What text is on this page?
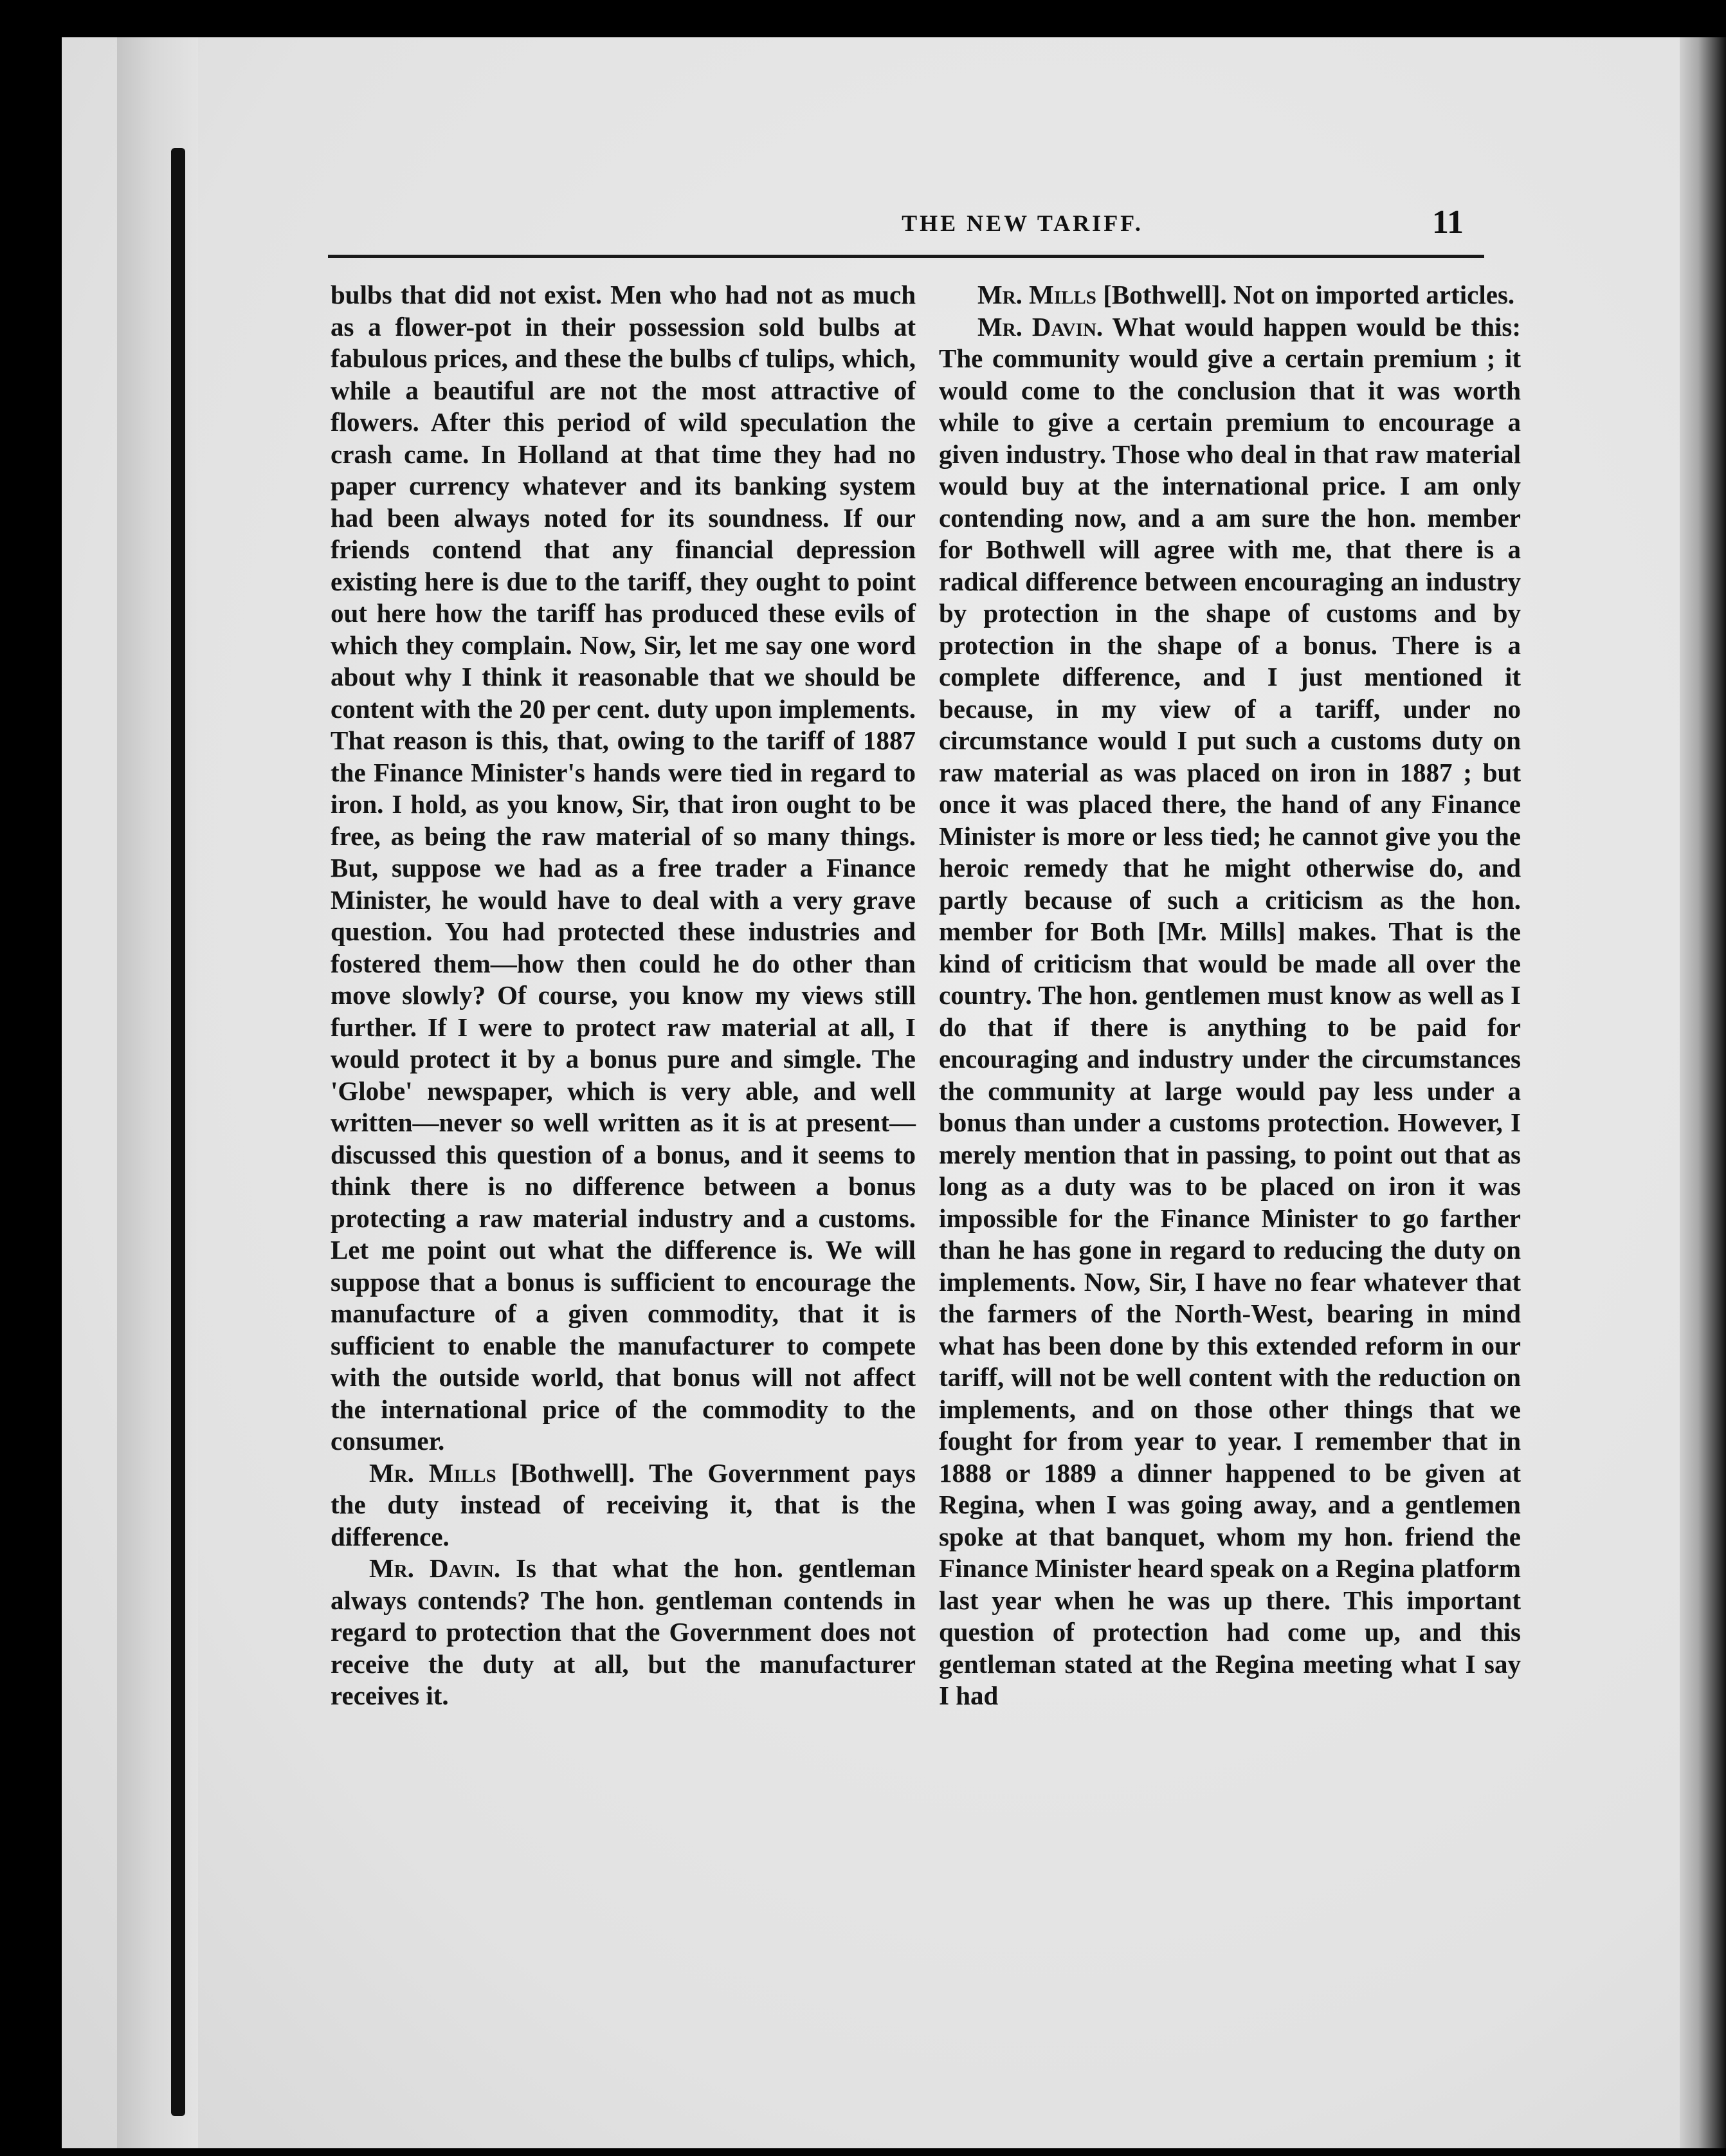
THE NEW TARIFF.	11

bulbs that did not exist. Men who had not as much as a flower-pot in their possession sold bulbs at fabulous prices, and these the bulbs cf tulips, which, while a beautiful are not the most attractive of flowers. After this period of wild speculation the crash came. In Holland at that time they had no paper currency whatever and its banking system had been always noted for its soundness. If our friends contend that any financial depression existing here is due to the tariff, they ought to point out here how the tariff has produced these evils of which they complain. Now, Sir, let me say one word about why I think it reasonable that we should be content with the 20 per cent. duty upon implements. That reason is this, that, owing to the tariff of 1887 the Finance Minister's hands were tied in regard to iron. I hold, as you know, Sir, that iron ought to be free, as being the raw material of so many things. But, suppose we had as a free trader a Finance Minister, he would have to deal with a very grave question. You had protected these industries and fostered them—how then could he do other than move slowly? Of course, you know my views still further. If I were to protect raw material at all, I would protect it by a bonus pure and simgle. The 'Globe' newspaper, which is very able, and well written—never so well written as it is at present—discussed this question of a bonus, and it seems to think there is no difference between a bonus protecting a raw material industry and a customs. Let me point out what the difference is. We will suppose that a bonus is sufficient to encourage the manufacture of a given commodity, that it is sufficient to enable the manufacturer to compete with the outside world, that bonus will not affect the international price of the commodity to the consumer.

Mr. Mills [Bothwell]. The Government pays the duty instead of receiving it, that is the difference.

Mr. Davin. Is that what the hon. gentleman always contends? The hon. gentleman contends in regard to protection that the Government does not receive the duty at all, but the manufacturer receives it.

Mr. Mills [Bothwell]. Not on imported articles.

Mr. Davin. What would happen would be this: The community would give a certain premium ; it would come to the conclusion that it was worth while to give a certain premium to encourage a given industry. Those who deal in that raw material would buy at the international price. I am only contending now, and a am sure the hon. member for Bothwell will agree with me, that there is a radical difference between encouraging an industry by protection in the shape of customs and by protection in the shape of a bonus. There is a complete difference, and I just mentioned it because, in my view of a tariff, under no circumstance would I put such a customs duty on raw material as was placed on iron in 1887 ; but once it was placed there, the hand of any Finance Minister is more or less tied; he cannot give you the heroic remedy that he might otherwise do, and partly because of such a criticism as the hon. member for Both [Mr. Mills] makes. That is the kind of criticism that would be made all over the country. The hon. gentlemen must know as well as I do that if there is anything to be paid for encouraging and industry under the circumstances the community at large would pay less under a bonus than under a customs protection. However, I merely mention that in passing, to point out that as long as a duty was to be placed on iron it was impossible for the Finance Minister to go farther than he has gone in regard to reducing the duty on implements. Now, Sir, I have no fear whatever that the farmers of the North-West, bearing in mind what has been done by this extended reform in our tariff, will not be well content with the reduction on implements, and on those other things that we fought for from year to year. I remember that in 1888 or 1889 a dinner happened to be given at Regina, when I was going away, and a gentlemen spoke at that banquet, whom my hon. friend the Finance Minister heard speak on a Regina platform last year when he was up there. This important question of protection had come up, and this gentleman stated at the Regina meeting what I say I had
